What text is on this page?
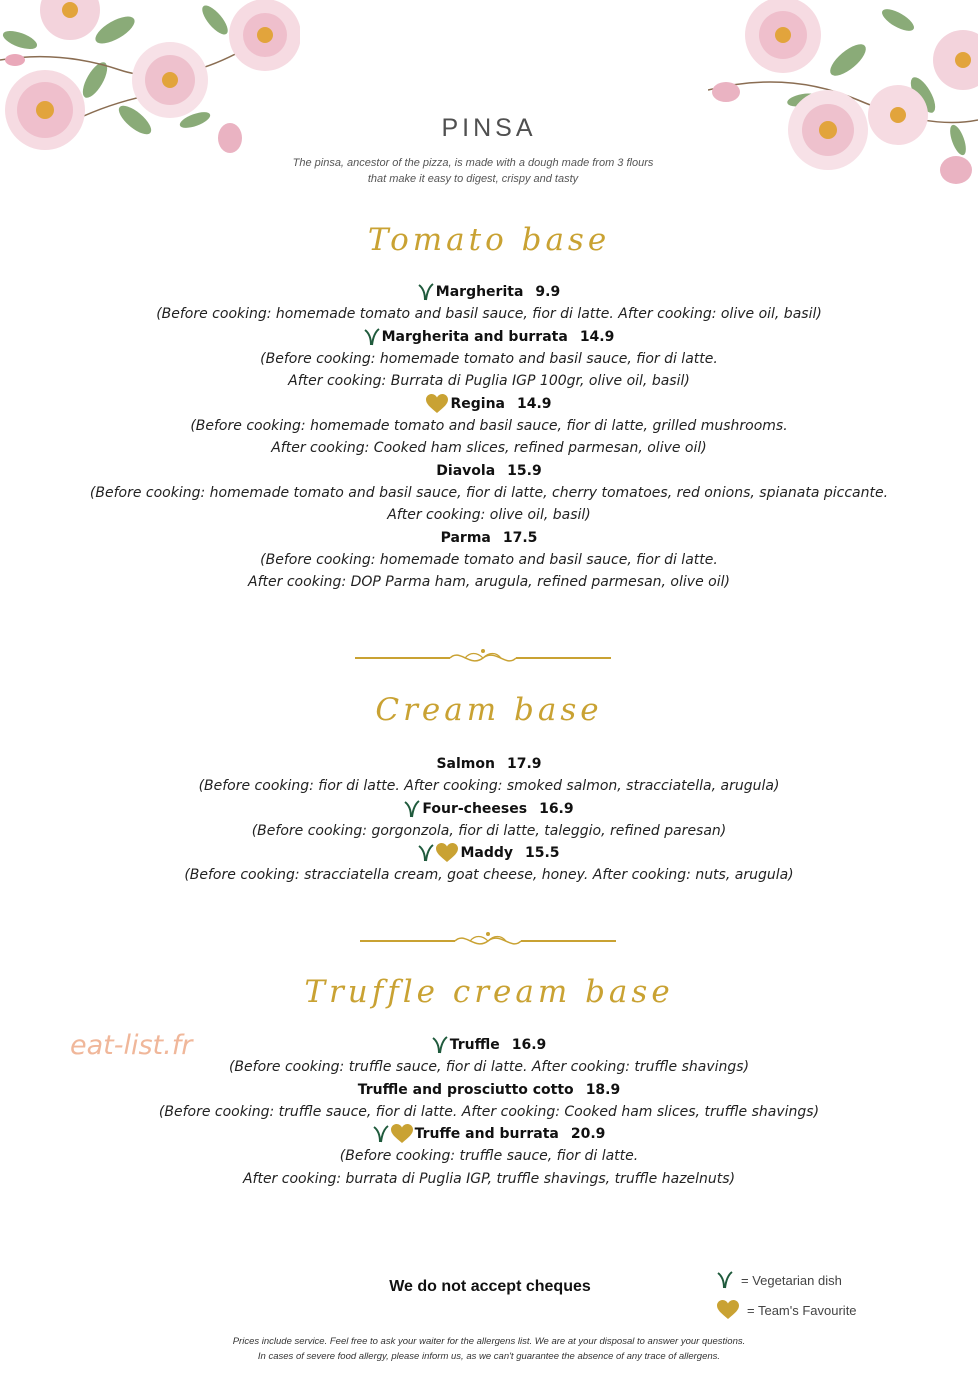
PINSA
The pinsa, ancestor of the pizza, is made with a dough made from 3 flours
that make it easy to digest, crispy and tasty
Tomato base
Cream base
Truffle cream base
Margherita 9.9
(Before cooking: homemade tomato and basil sauce, fior di latte. After cooking: olive oil, basil)
Margherita and burrata 14.9
(Before cooking: homemade tomato and basil sauce, fior di latte.
After cooking: Burrata di Puglia IGP 100gr, olive oil, basil)
Regina 14.9
(Before cooking: homemade tomato and basil sauce, fior di latte, grilled mushrooms.
After cooking: Cooked ham slices, refined parmesan, olive oil)
Diavola 15.9
(Before cooking: homemade tomato and basil sauce, fior di latte, cherry tomatoes, red onions, spianata piccante.
After cooking: olive oil, basil)
Parma 17.5
(Before cooking: homemade tomato and basil sauce, fior di latte.
After cooking: DOP Parma ham, arugula, refined parmesan, olive oil)
Salmon 17.9
(Before cooking: fior di latte. After cooking: smoked salmon, stracciatella, arugula)
Four-cheeses 16.9
(Before cooking: gorgonzola, fior di latte, taleggio, refined paresan)
Maddy 15.5
(Before cooking: stracciatella cream, goat cheese, honey. After cooking: nuts, arugula)
Truffle 16.9
(Before cooking: truffle sauce, fior di latte. After cooking: truffle shavings)
Truffle and prosciutto cotto 18.9
(Before cooking: truffle sauce, fior di latte. After cooking: Cooked ham slices, truffle shavings)
Truffe and burrata 20.9
(Before cooking: truffle sauce, fior di latte.
After cooking: burrata di Puglia IGP, truffle shavings, truffle hazelnuts)
eat-list.fr
We do not accept cheques	= Vegetarian dish
= Team's Favourite
Prices include service. Feel free to ask your waiter for the allergens list. We are at your disposal to answer your questions.
In cases of severe food allergy, please inform us, as we can't guarantee the absence of any trace of allergens.
